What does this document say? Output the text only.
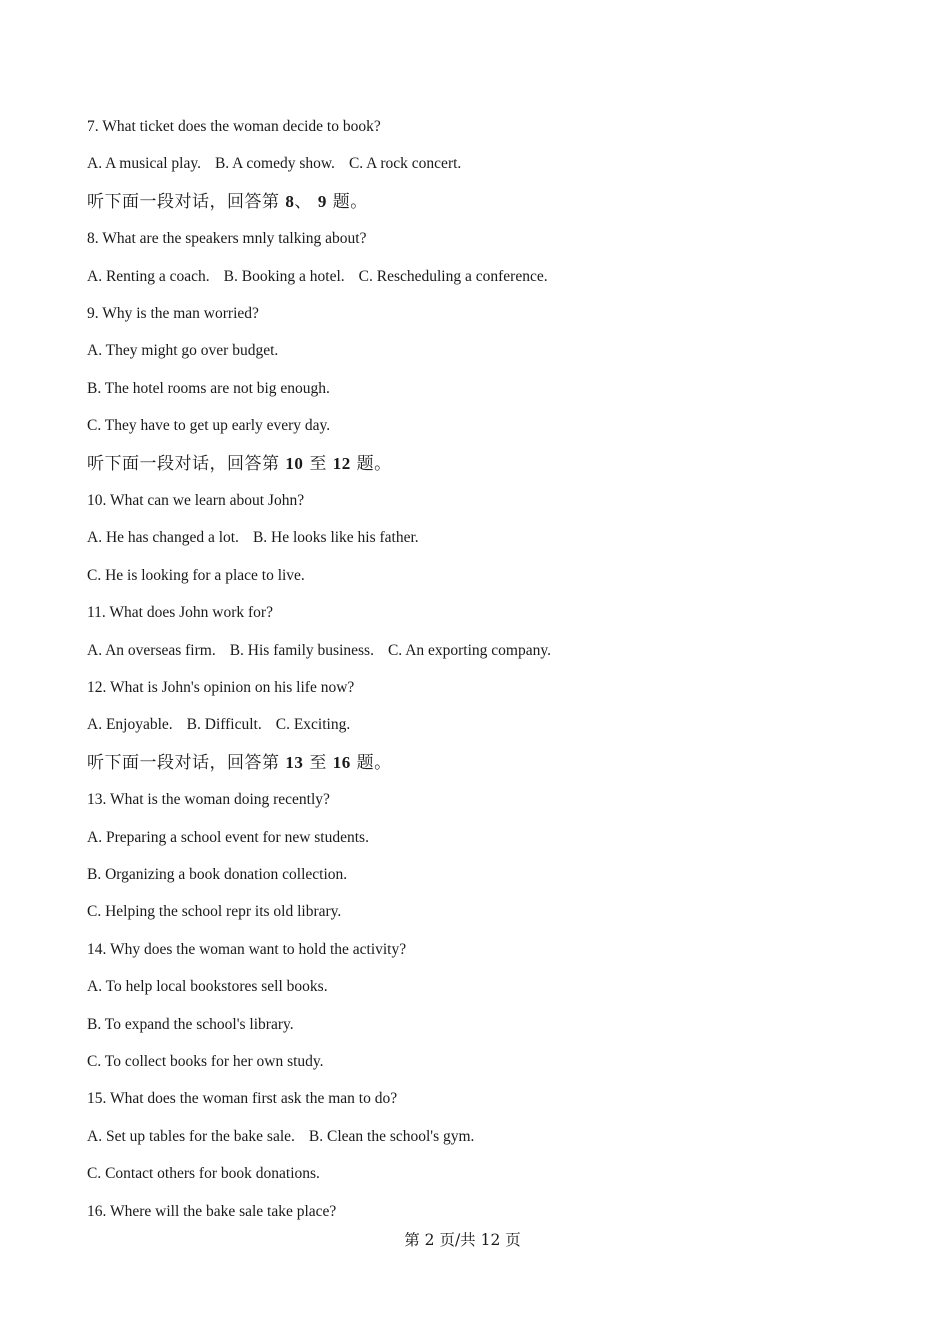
7. What ticket does the woman decide to book?
A. A musical play. B. A comedy show. C. A rock concert.
听下面一段对话，回答第 8、 9 题。
8. What are the speakers mnly talking about?
A. Renting a coach. B. Booking a hotel. C. Rescheduling a conference.
9. Why is the man worried?
A. They might go over budget.
B. The hotel rooms are not big enough.
C. They have to get up early every day.
听下面一段对话，回答第 10 至 12 题。
10. What can we learn about John?
A. He has changed a lot. B. He looks like his father.
C. He is looking for a place to live.
11. What does John work for?
A. An overseas firm. B. His family business. C. An exporting company.
12. What is John's opinion on his life now?
A. Enjoyable. B. Difficult. C. Exciting.
听下面一段对话，回答第 13 至 16 题。
13. What is the woman doing recently?
A. Preparing a school event for new students.
B. Organizing a book donation collection.
C. Helping the school repr its old library.
14. Why does the woman want to hold the activity?
A. To help local bookstores sell books.
B. To expand the school's library.
C. To collect books for her own study.
15. What does the woman first ask the man to do?
A. Set up tables for the bake sale. B. Clean the school's gym.
C. Contact others for book donations.
16. Where will the bake sale take place?
第 2 页/共 12 页
